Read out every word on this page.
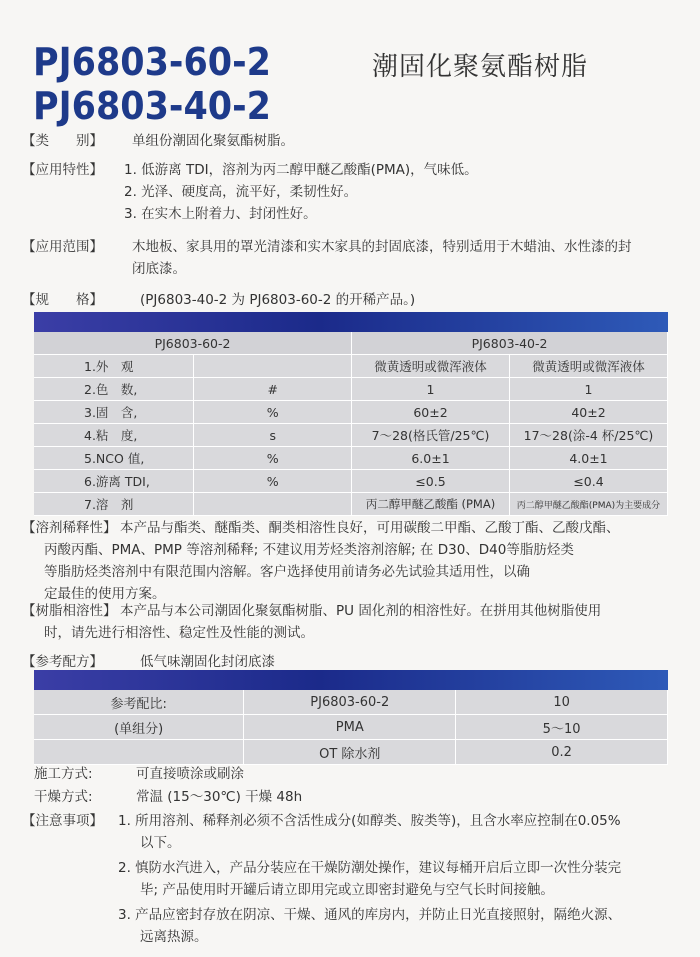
PJ6803-60-2
PJ6803-40-2
潮固化聚氨酯树脂
【类　　别】 单组份潮固化聚氨酯树脂。
【应用特性】 1. 低游离 TDI，溶剂为丙二醇甲醚乙酸酯(PMA)，气味低。
2. 光泽、硬度高，流平好，柔韧性好。
3. 在实木上附着力、封闭性好。
【应用范围】 木地板、家具用的罩光清漆和实木家具的封固底漆，特别适用于木蜡油、水性漆的封
闭底漆。
【规　　格】	(PJ6803-40-2 为 PJ6803-60-2 的开稀产品。)
PJ6803-60-2		PJ6803-40-2	
1.外　观		微黄透明或微浑液体	微黄透明或微浑液体
2.色　数,	#	1	1
3.固　含,	%	60±2	40±2
4.粘　度,	s	7～28(格氏管/25℃)	17～28(涂-4 杯/25℃)
5.NCO 值,	%	6.0±1	4.0±1
6.游离 TDI,	%	≤0.5	≤0.4
7.溶　剂		丙二醇甲醚乙酸酯 (PMA)	丙二醇甲醚乙酸酯(PMA)为主要成分
【溶剂稀释性】 本产品与酯类、醚酯类、酮类相溶性良好，可用碳酸二甲酯、乙酸丁酯、乙酸戊酯、
丙酸丙酯、PMA、PMP 等溶剂稀释; 不建议用芳烃类溶剂溶解; 在 D30、D40等脂肪烃类
等脂肪烃类溶剂中有限范围内溶解。客户选择使用前请务必先试验其适用性，以确
定最佳的使用方案。
【树脂相溶性】 本产品与本公司潮固化聚氨酯树脂、PU 固化剂的相溶性好。在拼用其他树脂使用
时，请先进行相溶性、稳定性及性能的测试。
【参考配方】	低气味潮固化封闭底漆
参考配比:	PJ6803-60-2	10
(单组分)	PMA	5～10
	OT 除水剂	0.2
施工方式:	可直接喷涂或刷涂
干燥方式:	常温 (15～30℃) 干燥 48h
【注意事项】 1. 所用溶剂、稀释剂必须不含活性成分(如醇类、胺类等)，且含水率应控制在0.05%
以下。
2. 慎防水汽进入，产品分装应在干燥防潮处操作，建议每桶开启后立即一次性分装完
毕; 产品使用时开罐后请立即用完或立即密封避免与空气长时间接触。
3. 产品应密封存放在阴凉、干燥、通风的库房内，并防止日光直接照射，隔绝火源、
远离热源。
